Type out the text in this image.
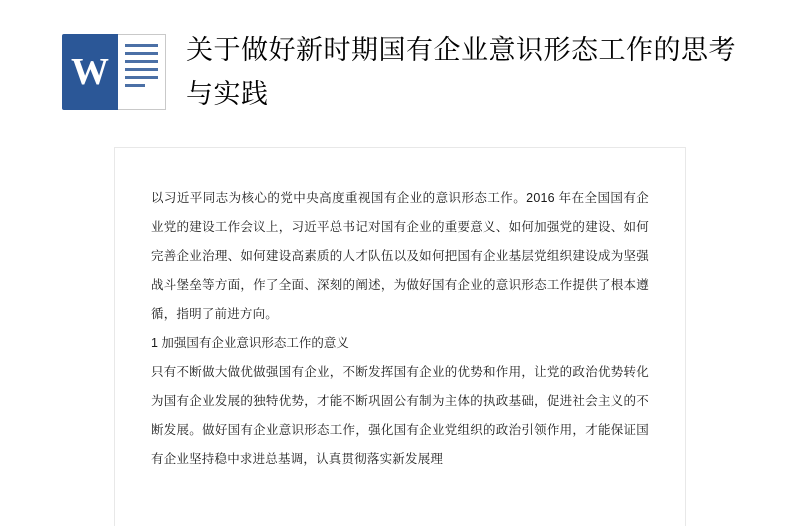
W
关于做好新时期国有企业意识形态工作的思考与实践

以习近平同志为核心的党中央高度重视国有企业的意识形态工作。2016 年在全国国有企业党的建设工作会议上，习近平总书记对国有企业的重要意义、如何加强党的建设、如何完善企业治理、如何建设高素质的人才队伍以及如何把国有企业基层党组织建设成为坚强战斗堡垒等方面，作了全面、深刻的阐述，为做好国有企业的意识形态工作提供了根本遵循，指明了前进方向。

1 加强国有企业意识形态工作的意义

只有不断做大做优做强国有企业，不断发挥国有企业的优势和作用，让党的政治优势转化为国有企业发展的独特优势，才能不断巩固公有制为主体的执政基础，促进社会主义的不断发展。做好国有企业意识形态工作，强化国有企业党组织的政治引领作用，才能保证国有企业坚持稳中求进总基调，认真贯彻落实新发展理
